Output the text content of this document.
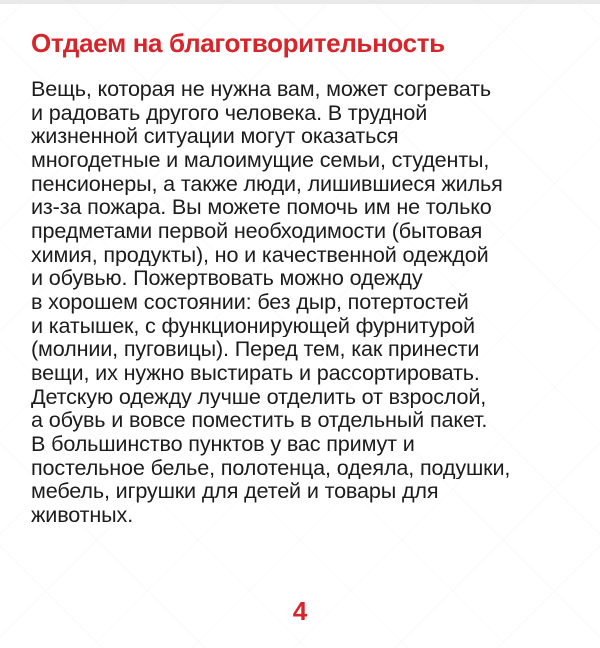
Отдаем на благотворительность
Вещь, которая не нужна вам, может согревать
и радовать другого человека. В трудной
жизненной ситуации могут оказаться
многодетные и малоимущие семьи, студенты,
пенсионеры, а также люди, лишившиеся жилья
из-за пожара. Вы можете помочь им не только
предметами первой необходимости (бытовая
химия, продукты), но и качественной одеждой
и обувью. Пожертвовать можно одежду
в хорошем состоянии: без дыр, потертостей
и катышек, с функционирующей фурнитурой
(молнии, пуговицы). Перед тем, как принести
вещи, их нужно выстирать и рассортировать.
Детскую одежду лучше отделить от взрослой,
а обувь и вовсе поместить в отдельный пакет.
В большинство пунктов у вас примут и
постельное белье, полотенца, одеяла, подушки,
мебель, игрушки для детей и товары для
животных.
4
